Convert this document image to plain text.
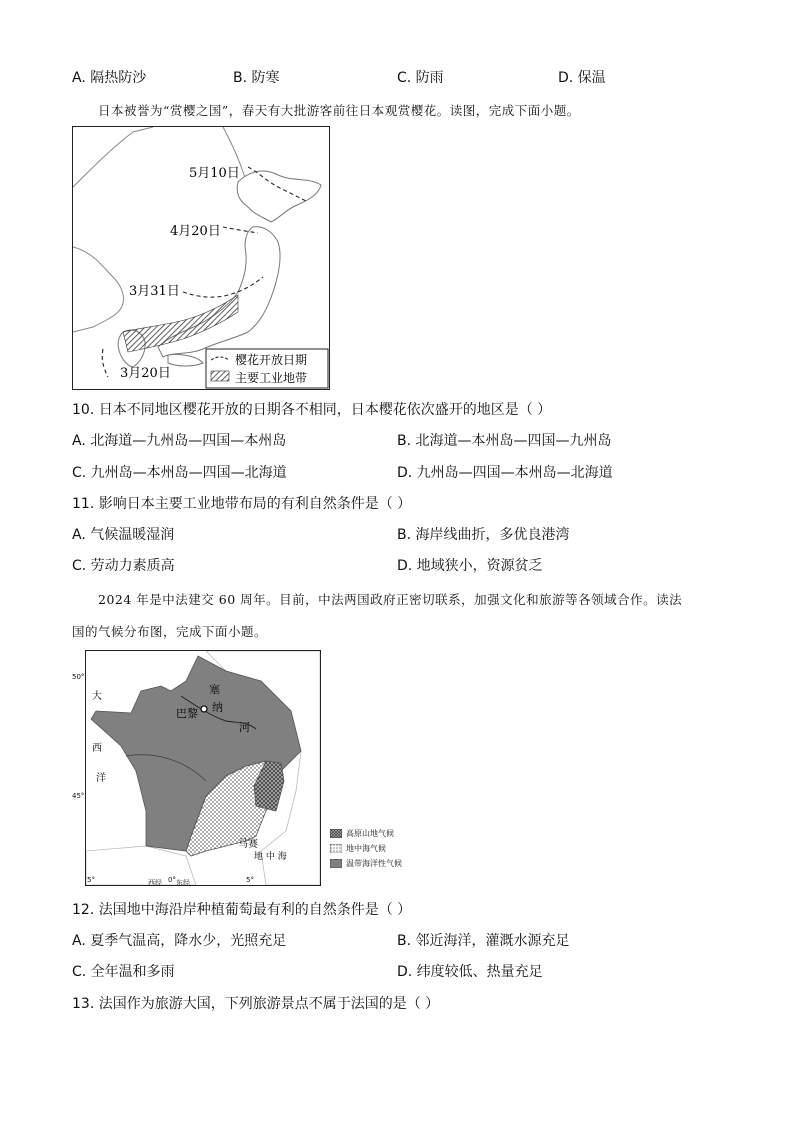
A. 隔热防沙	B. 防寒	C. 防雨	D. 保温
日本被誉为“赏樱之国”，春天有大批游客前往日本观赏樱花。读图，完成下面小题。
5月10日
4月20日
3月31日
3月20日
樱花开放日期
主要工业地带
10. 日本不同地区樱花开放的日期各不相同，日本樱花依次盛开的地区是（ ）
A. 北海道—九州岛—四国—本州岛	B. 北海道—本州岛—四国—九州岛
C. 九州岛—本州岛—四国—北海道	D. 九州岛—四国—本州岛—北海道
11. 影响日本主要工业地带布局的有利自然条件是（ ）
A. 气候温暖湿润	B. 海岸线曲折，多优良港湾
C. 劳动力素质高	D. 地域狭小，资源贫乏
2024 年是中法建交 60 周年。目前，中法两国政府正密切联系，加强文化和旅游等各领域合作。读法
国的气候分布图，完成下面小题。
塞
纳
河
巴黎
马赛
地 中 海
大
西
洋
50°
45°
5°	西经 0° 东经	5°
高原山地气候
地中海气候
温带海洋性气候
12. 法国地中海沿岸种植葡萄最有利的自然条件是（ ）
A. 夏季气温高，降水少，光照充足	B. 邻近海洋，灌溉水源充足
C. 全年温和多雨	D. 纬度较低、热量充足
13. 法国作为旅游大国，下列旅游景点不属于法国的是（ ）
